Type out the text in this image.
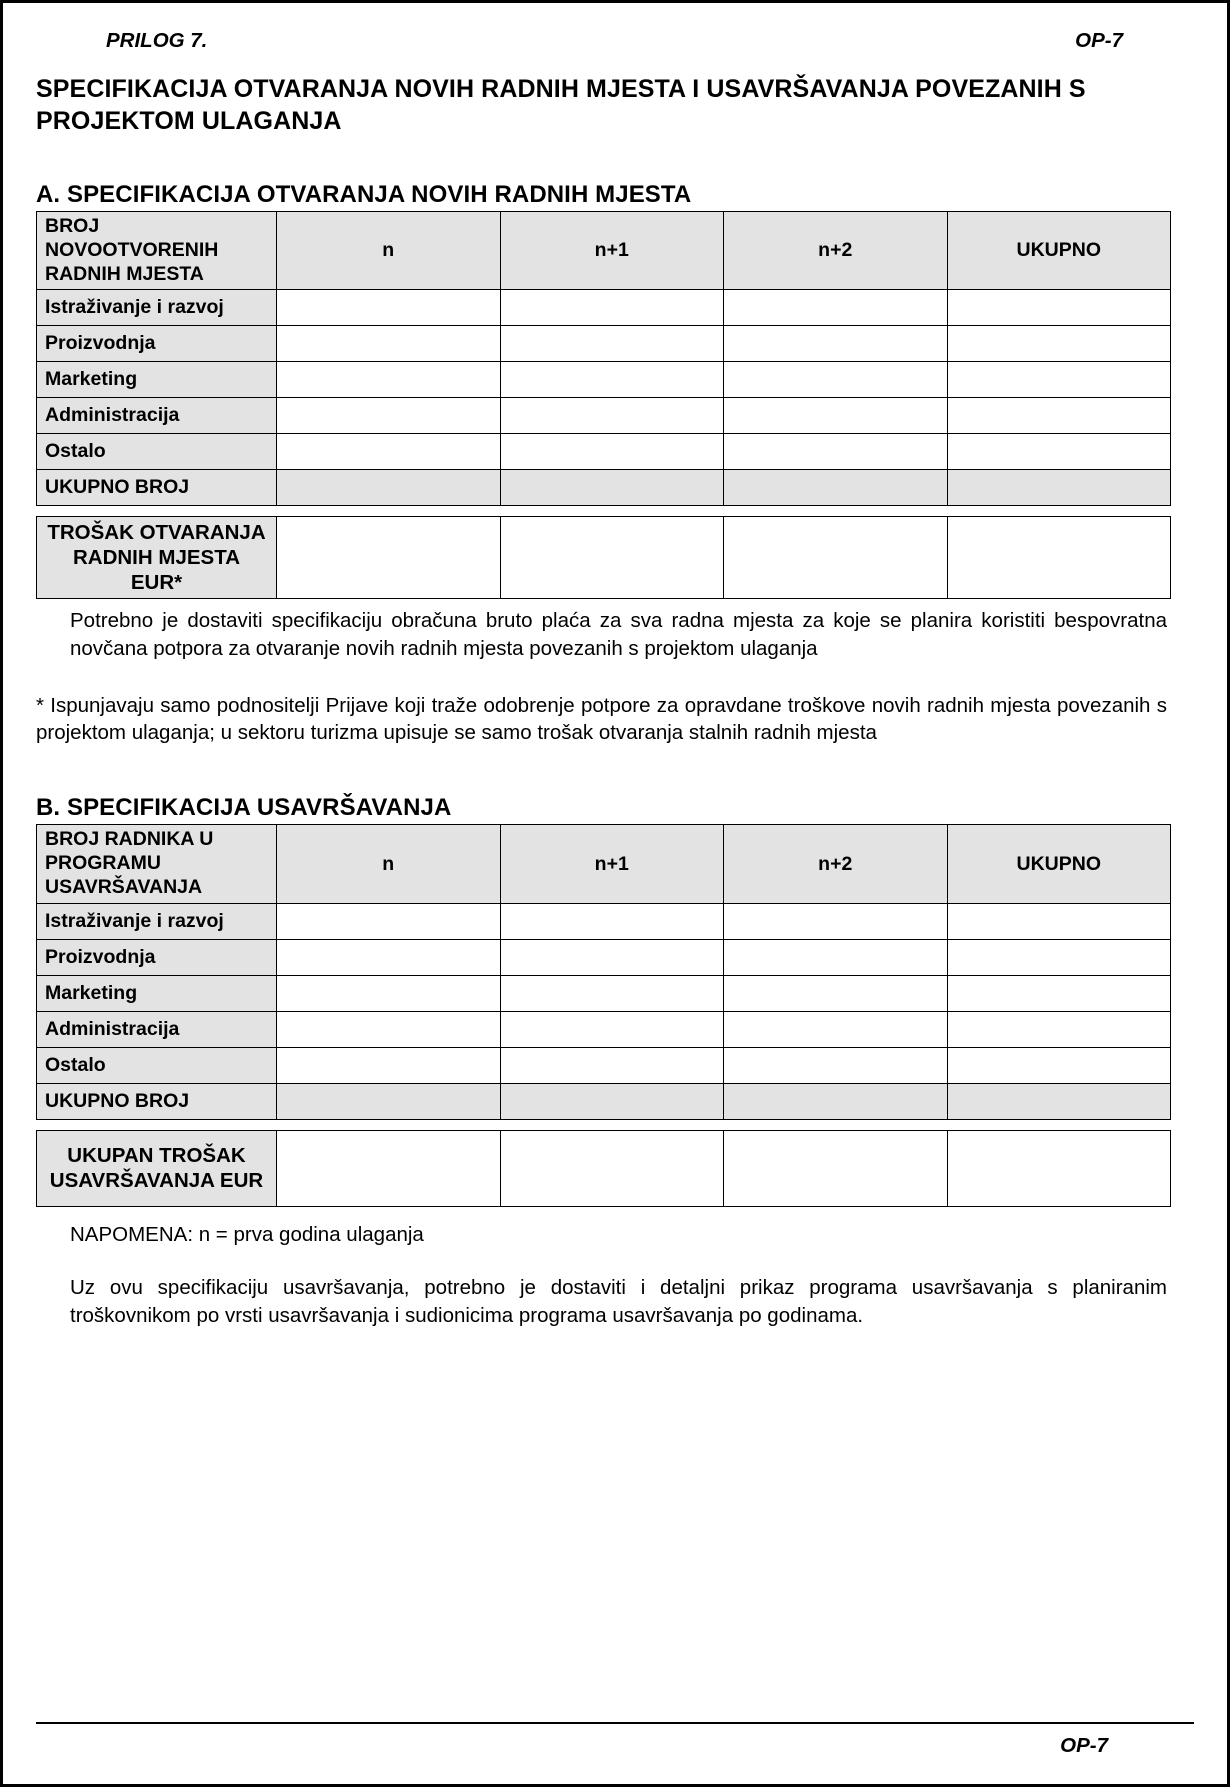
PRILOG 7.	OP-7
SPECIFIKACIJA OTVARANJA NOVIH RADNIH MJESTA I USAVRŠAVANJA POVEZANIH S
PROJEKTOM ULAGANJA
A. SPECIFIKACIJA OTVARANJA NOVIH RADNIH MJESTA
BROJ NOVOOTVORENIH RADNIH MJESTA	n	n+1	n+2	UKUPNO
Istraživanje i razvoj				
Proizvodnja				
Marketing				
Administracija				
Ostalo				
UKUPNO BROJ				
TROŠAK OTVARANJA RADNIH MJESTA EUR*				
Potrebno je dostaviti specifikaciju obračuna bruto plaća za sva radna mjesta za koje se planira koristiti bespovratna novčana potpora za otvaranje novih radnih mjesta povezanih s projektom ulaganja
* Ispunjavaju samo podnositelji Prijave koji traže odobrenje potpore za opravdane troškove novih radnih mjesta povezanih s projektom ulaganja; u sektoru turizma upisuje se samo trošak otvaranja stalnih radnih mjesta
B. SPECIFIKACIJA USAVRŠAVANJA
BROJ RADNIKA U PROGRAMU USAVRŠAVANJA	n	n+1	n+2	UKUPNO
Istraživanje i razvoj				
Proizvodnja				
Marketing				
Administracija				
Ostalo				
UKUPNO BROJ				
UKUPAN TROŠAK USAVRŠAVANJA EUR				
NAPOMENA: n = prva godina ulaganja
Uz ovu specifikaciju usavršavanja, potrebno je dostaviti i detaljni prikaz programa usavršavanja s planiranim troškovnikom po vrsti usavršavanja i sudionicima programa usavršavanja po godinama.
OP-7
